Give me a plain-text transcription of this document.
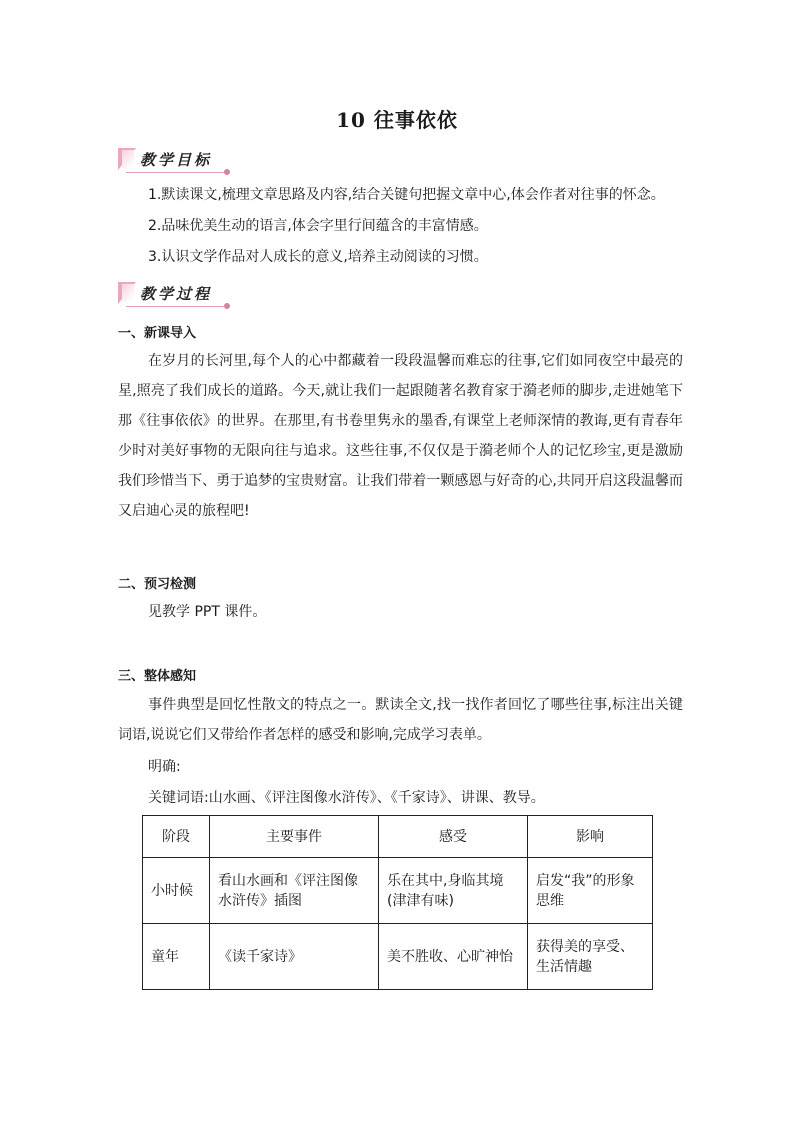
10 往事依依
教学目标
1.默读课文,梳理文章思路及内容,结合关键句把握文章中心,体会作者对往事的怀念。
2.品味优美生动的语言,体会字里行间蕴含的丰富情感。
3.认识文学作品对人成长的意义,培养主动阅读的习惯。
教学过程
一、新课导入
在岁月的长河里,每个人的心中都藏着一段段温馨而难忘的往事,它们如同夜空中最亮的星,照亮了我们成长的道路。今天,就让我们一起跟随著名教育家于漪老师的脚步,走进她笔下那《往事依依》的世界。在那里,有书卷里隽永的墨香,有课堂上老师深情的教诲,更有青春年少时对美好事物的无限向往与追求。这些往事,不仅仅是于漪老师个人的记忆珍宝,更是激励我们珍惜当下、勇于追梦的宝贵财富。让我们带着一颗感恩与好奇的心,共同开启这段温馨而又启迪心灵的旅程吧!
二、预习检测
见教学 PPT 课件。
三、整体感知
事件典型是回忆性散文的特点之一。默读全文,找一找作者回忆了哪些往事,标注出关键词语,说说它们又带给作者怎样的感受和影响,完成学习表单。
明确:
关键词语:山水画、《评注图像水浒传》、《千家诗》、讲课、教导。
阶段	主要事件	感受	影响
小时候	看山水画和《评注图像水浒传》插图	乐在其中,身临其境(津津有味)	启发“我”的形象思维
童年	《读千家诗》	美不胜收、心旷神怡	获得美的享受、生活情趣
